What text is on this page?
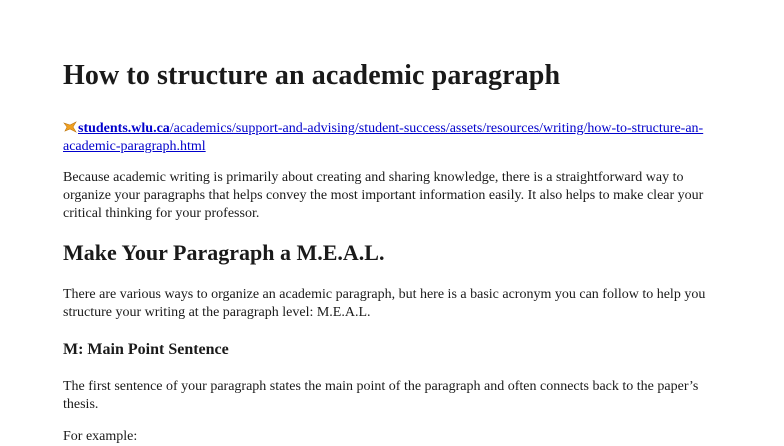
How to structure an academic paragraph
students.wlu.ca/academics/support-and-advising/student-success/assets/resources/writing/how-to-structure-an-academic-paragraph.html

Because academic writing is primarily about creating and sharing knowledge, there is a straightforward way to organize your paragraphs that helps convey the most important information easily. It also helps to make clear your critical thinking for your professor.

Make Your Paragraph a M.E.A.L.

There are various ways to organize an academic paragraph, but here is a basic acronym you can follow to help you structure your writing at the paragraph level: M.E.A.L.

M: Main Point Sentence

The first sentence of your paragraph states the main point of the paragraph and often connects back to the paper’s thesis.

For example:
